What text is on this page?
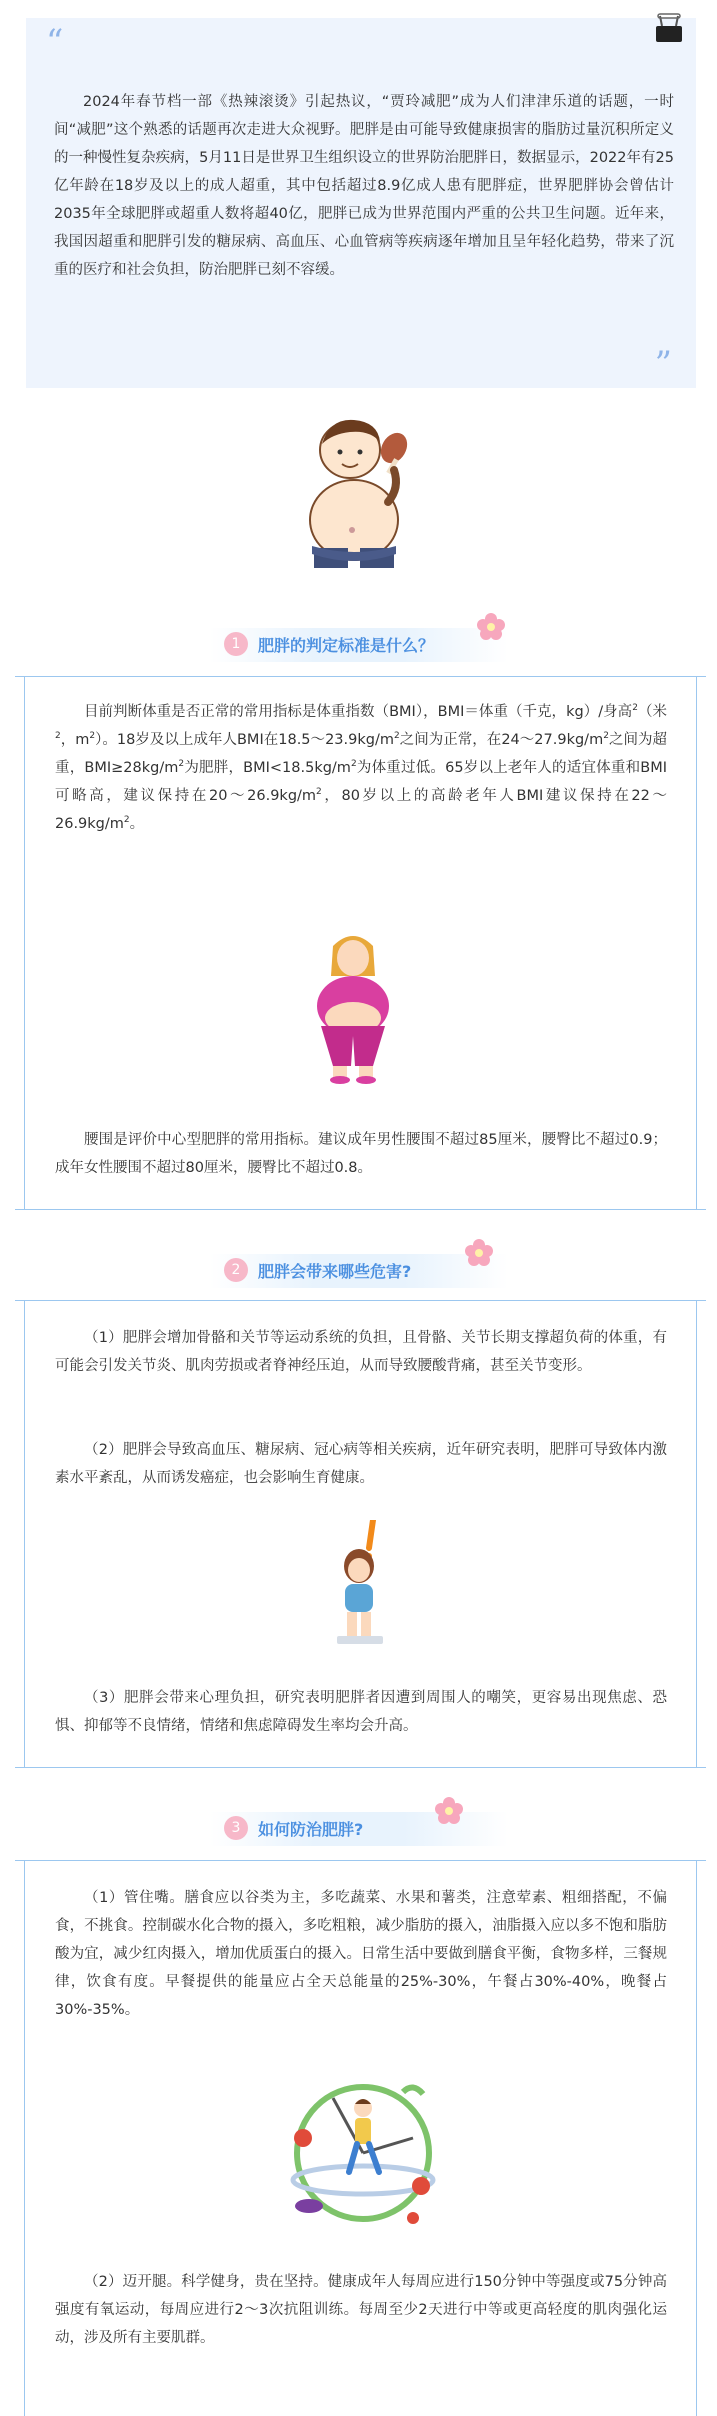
“

2024年春节档一部《热辣滚烫》引起热议，“贾玲减肥”成为人们津津乐道的话题，一时间“减肥”这个熟悉的话题再次走进大众视野。肥胖是由可能导致健康损害的脂肪过量沉积所定义的一种慢性复杂疾病，5月11日是世界卫生组织设立的世界防治肥胖日，数据显示，2022年有25亿年龄在18岁及以上的成人超重，其中包括超过8.9亿成人患有肥胖症，世界肥胖协会曾估计2035年全球肥胖或超重人数将超40亿，肥胖已成为世界范围内严重的公共卫生问题。近年来，我国因超重和肥胖引发的糖尿病、高血压、心血管病等疾病逐年增加且呈年轻化趋势，带来了沉重的医疗和社会负担，防治肥胖已刻不容缓。

”
1	肥胖的判定标准是什么？

目前判断体重是否正常的常用指标是体重指数（BMI），BMI＝体重（千克，kg）/身高$^2$（米$^2$，$m^2$）。18岁及以上成年人BMI在$18.5\sim 23.9kg/m^2$之间为正常，在$24\sim 27.9kg/m^2$之间为超重，$BMI\ge 28kg/m^2$为肥胖，$BMI<18.5kg/m^2$为体重过低。65岁以上老年人的适宜体重和BMI可略高，建议保持在$20\sim 26.9kg/m^2$，80岁以上的高龄老年人BMI建议保持在$22\sim 26.9kg/m^2$。

腰围是评价中心型肥胖的常用指标。建议成年男性腰围不超过85厘米，腰臀比不超过0.9；成年女性腰围不超过80厘米，腰臀比不超过0.8。

2	肥胖会带来哪些危害?

（1）肥胖会增加骨骼和关节等运动系统的负担，且骨骼、关节长期支撑超负荷的体重，有可能会引发关节炎、肌肉劳损或者脊神经压迫，从而导致腰酸背痛，甚至关节变形。

（2）肥胖会导致高血压、糖尿病、冠心病等相关疾病，近年研究表明，肥胖可导致体内激素水平紊乱，从而诱发癌症，也会影响生育健康。

（3）肥胖会带来心理负担，研究表明肥胖者因遭到周围人的嘲笑，更容易出现焦虑、恐惧、抑郁等不良情绪，情绪和焦虑障碍发生率均会升高。

3	如何防治肥胖?

（1）管住嘴。膳食应以谷类为主，多吃蔬菜、水果和薯类，注意荤素、粗细搭配，不偏食，不挑食。控制碳水化合物的摄入，多吃粗粮，减少脂肪的摄入，油脂摄入应以多不饱和脂肪酸为宜，减少红肉摄入，增加优质蛋白的摄入。日常生活中要做到膳食平衡，食物多样，三餐规律，饮食有度。早餐提供的能量应占全天总能量的25%-30%，午餐占30%-40%，晚餐占30%-35%。

（2）迈开腿。科学健身，贵在坚持。健康成年人每周应进行150分钟中等强度或75分钟高强度有氧运动，每周应进行2～3次抗阻训练。每周至少2天进行中等或更高轻度的肌肉强化运动，涉及所有主要肌群。
